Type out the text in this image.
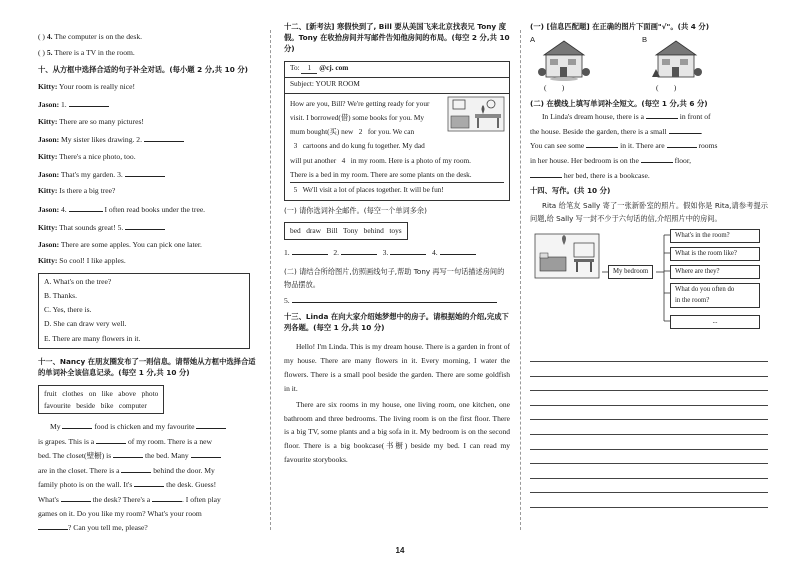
( ) 4. The computer is on the desk.
( ) 5. There is a TV in the room.
十、从方框中选择合适的句子补全对话。(每小题 2 分,共 10 分)
Kitty: Your room is really nice!
Jason: 1.
Kitty: There are so many pictures!
Jason: My sister likes drawing. 2.
Kitty: There's a nice photo, too.
Jason: That's my garden. 3.
Kitty: Is there a big tree?
Jason: 4.	I often read books under the tree.
Kitty: That sounds great! 5.
Jason: There are some apples. You can pick one later.
Kitty: So cool! I like apples.
A. What's on the tree?
B. Thanks.
C. Yes, there is.
D. She can draw very well.
E. There are many flowers in it.
十一、Nancy 在朋友圈发布了一则信息。请帮她从方框中选择合适的单词补全该信息记录。(每空 1 分,共 10 分)
fruit   clothes   on   like   above   photo
favourite   beside   bike   computer
My	food is chicken and my favourite
is grapes. This is a	of my room. There is a new
bed. The closet(壁橱) is	the bed. Many
are in the closet. There is a	behind the door. My
family photo is on the wall. It's	the desk. Guess!
What's	the desk? There's a	. I often play
games on it. Do you like my room? What's your room
? Can you tell me, please?
十二、[新考法] 寒假快到了, Bill 要从美国飞来北京找表兄 Tony 度假。Tony 在收拾房间并写邮件告知他房间的布局。(每空 2 分,共 10 分)
To: 1 @cj. com
Subject: YOUR ROOM
How are you, Bill? We're getting ready for your
visit. I borrowed(借) some books for you. My
mum bought(买) new   2   for you. We can
3   cartoons and do kung fu together. My dad
will put another   4   in my room. Here is a photo of my room.
There is a bed in my room. There are some plants on the desk.
5   We'll visit a lot of places together. It will be fun!
(一) 请你选词补全邮件。(每空一个单词多余)
bed   draw   Bill   Tony   behind   toys
1.	2.	3.	4.
(二) 请结合所给图片,仿照画线句子,帮助 Tony 再写一句话描述房间的物品摆放。
5.
十三、Linda 在向大家介绍她梦想中的房子。请根据她的介绍,完成下列各题。(每空 1 分,共 10 分)

Hello! I'm Linda. This is my dream house. There is a garden in front of my house. There are many flowers in it. Every morning, I water the flowers. There is a small pool beside the garden. There are some goldfish in it.

There are six rooms in my house, one living room, one kitchen, one bathroom and three bedrooms. The living room is on the first floor. There is a big TV, some plants and a big sofa in it. My bedroom is on the second floor. There is a big bookcase(书橱) beside my bed. I can read my favourite storybooks.

(一) [信息匹配题] 在正确的图片下面画"√"。(共 4 分)
A	B
(        )	(        )
(二) 在横线上填写单词补全短文。(每空 1 分,共 6 分)
In Linda's dream house, there is a	in front of
the house. Beside the garden, there is a small	.
You can see some	in it. There are	rooms
in her house. Her bedroom is on the	floor,
her bed, there is a bookcase.
十四、写作。(共 10 分)

Rita 给笔友 Sally 寄了一张新卧室的照片。假如你是 Rita,请参考提示问题,给 Sally 写一封不少于六句话的信,介绍照片中的房间。

My bedroom
What's in the room?
What is the room like?
Where are they?
What do you often do
in the room?
...
14
